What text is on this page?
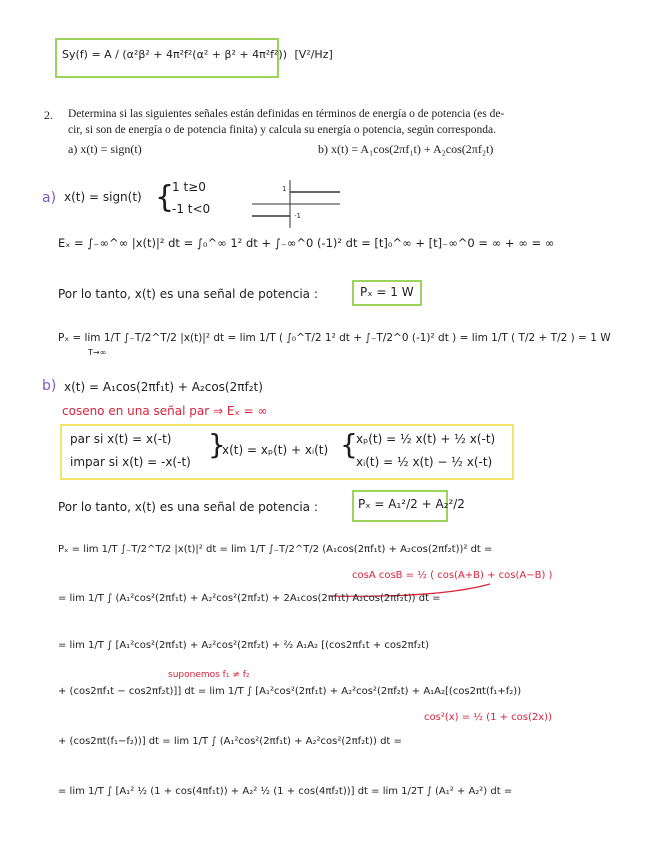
Sy(f) = A / (α²β² + 4π²f²(α² + β² + 4π²f²)) [V²/Hz]
2. Determina si las siguientes señales están definidas en términos de energía o de potencia (es de-
cir, si son de energía o de potencia finita) y calcula su energía o potencia, según corresponda.
a) x(t) = sign(t)	b) x(t) = A₁cos(2πf₁t) + A₂cos(2πf₂t)
a) x(t) = sign(t) {
1 t≥0
-1 t<0
1
-1
Eₓ = ∫₋∞^∞ |x(t)|² dt = ∫₀^∞ 1² dt + ∫₋∞^0 (-1)² dt = [t]₀^∞ + [t]₋∞^0 = ∞ + ∞ = ∞
Por lo tanto, x(t) es una señal de potencia :	Pₓ = 1 W
Pₓ = lim 1/T ∫₋T/2^T/2 |x(t)|² dt = lim 1/T ( ∫₀^T/2 1² dt + ∫₋T/2^0 (-1)² dt ) = lim 1/T ( T/2 + T/2 ) = 1 W
T→∞
b) x(t) = A₁cos(2πf₁t) + A₂cos(2πf₂t)
coseno en una señal par ⇒ Eₓ = ∞
par si x(t) = x(-t)
impar si x(t) = -x(-t)
}
x(t) = xₚ(t) + xᵢ(t) {
xₚ(t) = ½ x(t) + ½ x(-t)
xᵢ(t) = ½ x(t) − ½ x(-t)
Por lo tanto, x(t) es una señal de potencia :	Pₓ = A₁²/2 + A₂²/2
Pₓ = lim 1/T ∫₋T/2^T/2 |x(t)|² dt = lim 1/T ∫₋T/2^T/2 (A₁cos(2πf₁t) + A₂cos(2πf₂t))² dt =
cosA cosB = ½ ( cos(A+B) + cos(A−B) )
= lim 1/T ∫ (A₁²cos²(2πf₁t) + A₂²cos²(2πf₂t) + 2A₁cos(2πf₁t) A₂cos(2πf₂t)) dt =
= lim 1/T ∫ [A₁²cos²(2πf₁t) + A₂²cos²(2πf₂t) + ²⁄₂ A₁A₂ [(cos2πf₁t + cos2πf₂t)
suponemos f₁ ≠ f₂
+ (cos2πf₁t − cos2πf₂t)]] dt = lim 1/T ∫ [A₁²cos²(2πf₁t) + A₂²cos²(2πf₂t) + A₁A₂[(cos2πt(f₁+f₂))
cos²(x) = ½ (1 + cos(2x))
+ (cos2πt(f₁−f₂))] dt = lim 1/T ∫ (A₁²cos²(2πf₁t) + A₂²cos²(2πf₂t)) dt =
= lim 1/T ∫ [A₁² ½ (1 + cos(4πf₁t)) + A₂² ½ (1 + cos(4πf₂t))] dt = lim 1/2T ∫ (A₁² + A₂²) dt =
